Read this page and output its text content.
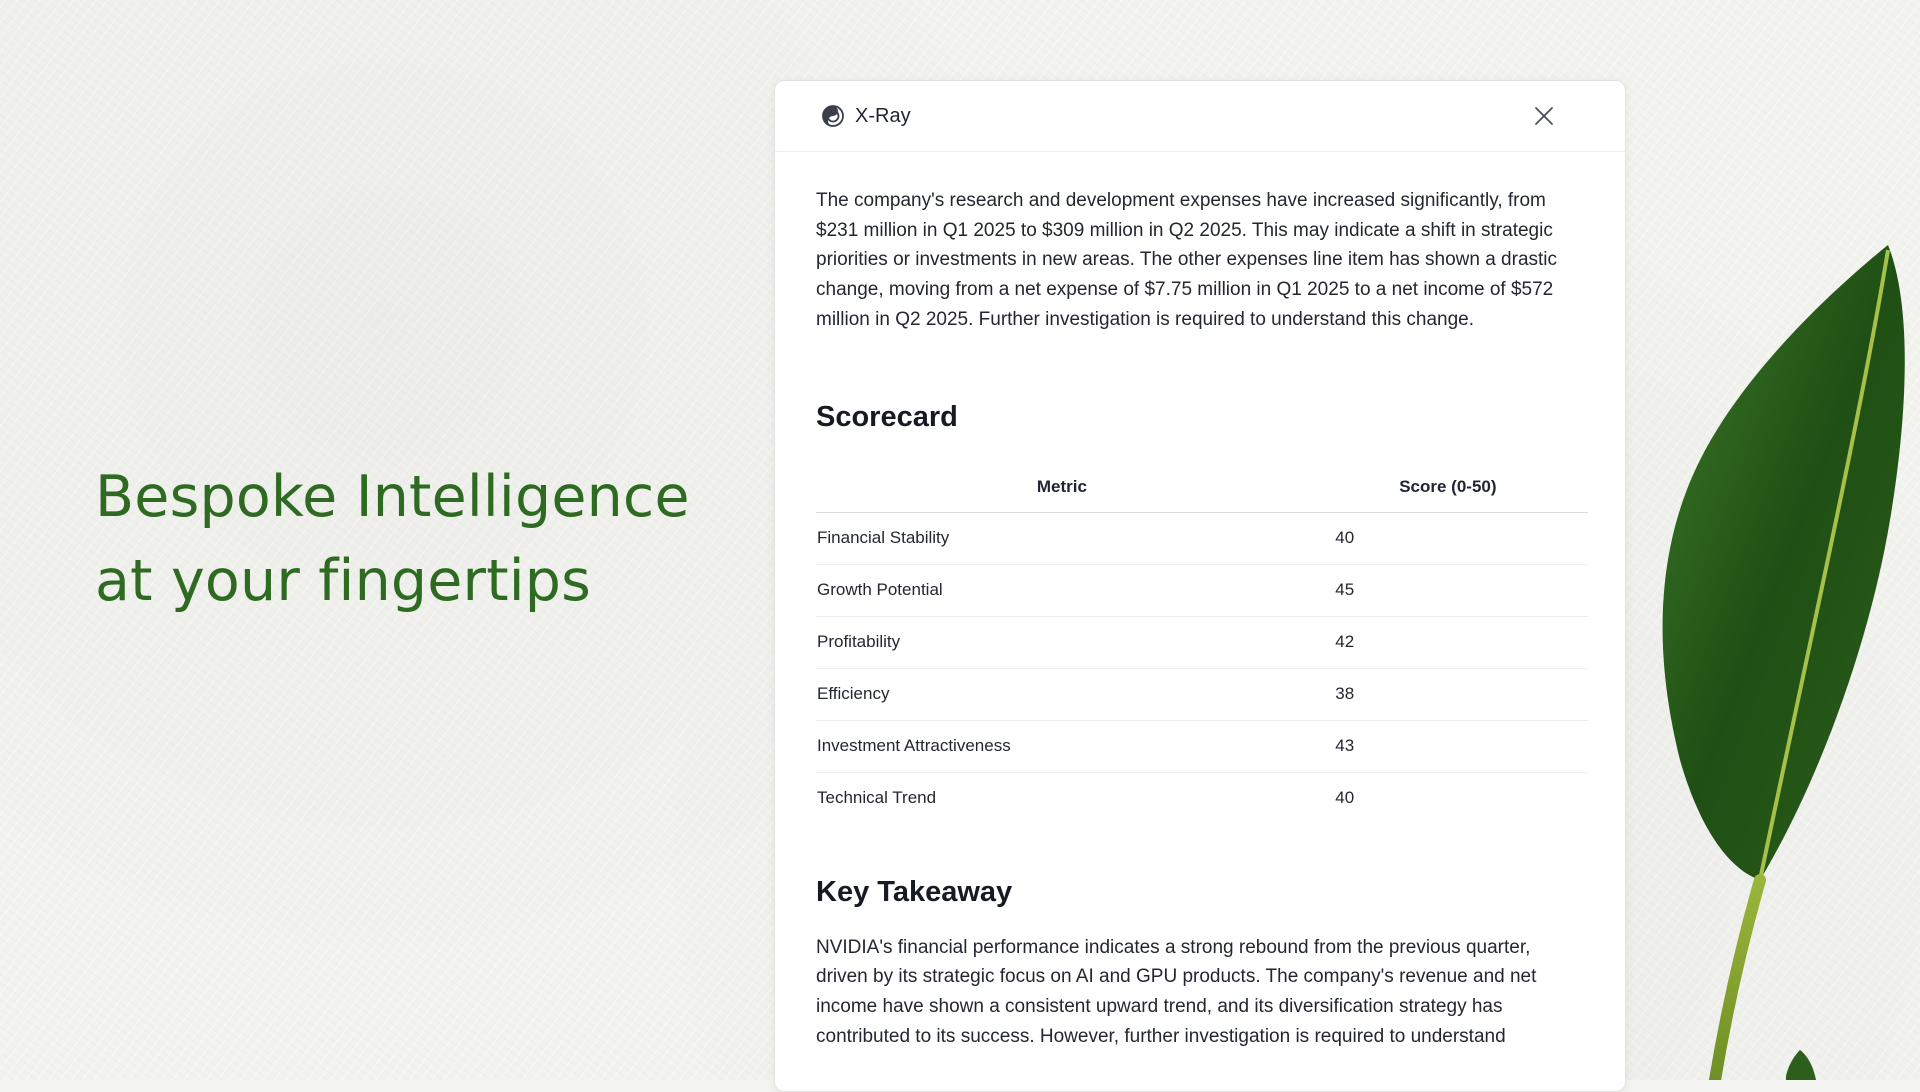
Bespoke Intelligence
at your fingertips
X-Ray

The company's research and development expenses have increased significantly, from $231 million in Q1 2025 to $309 million in Q2 2025. This may indicate a shift in strategic priorities or investments in new areas. The other expenses line item has shown a drastic change, moving from a net expense of $7.75 million in Q1 2025 to a net income of $572 million in Q2 2025. Further investigation is required to understand this change.

Scorecard
Metric	Score (0-50)
Financial Stability	40
Growth Potential	45
Profitability	42
Efficiency	38
Investment Attractiveness	43
Technical Trend	40
Key Takeaway

NVIDIA's financial performance indicates a strong rebound from the previous quarter, driven by its strategic focus on AI and GPU products. The company's revenue and net income have shown a consistent upward trend, and its diversification strategy has contributed to its success. However, further investigation is required to understand
